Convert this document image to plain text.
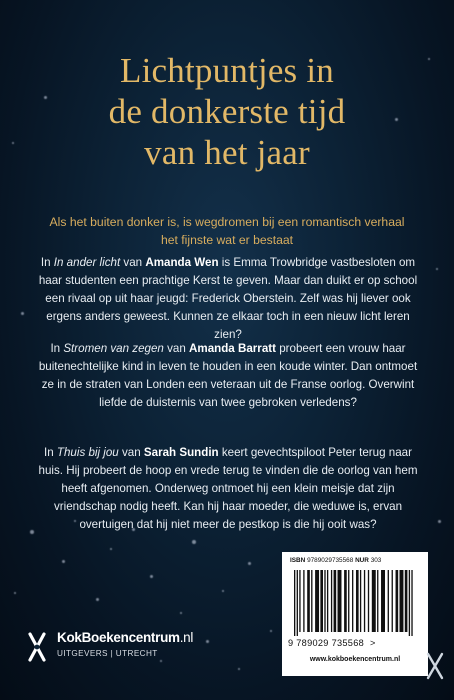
Lichtpuntjes in
de donkerste tijd
van het jaar

Als het buiten donker is, is wegdromen bij een romantisch verhaal het fijnste wat er bestaat

In In ander licht van Amanda Wen is Emma Trowbridge vastbesloten om haar studenten een prachtige Kerst te geven. Maar dan duikt er op school een rivaal op uit haar jeugd: Frederick Oberstein. Zelf was hij liever ook ergens anders geweest. Kunnen ze elkaar toch in een nieuw licht leren zien?

In Stromen van zegen van Amanda Barratt probeert een vrouw haar buitenechtelijke kind in leven te houden in een koude winter. Dan ontmoet ze in de straten van Londen een veteraan uit de Franse oorlog. Overwint liefde de duisternis van twee gebroken verledens?

In Thuis bij jou van Sarah Sundin keert gevechtspiloot Peter terug naar huis. Hij probeert de hoop en vrede terug te vinden die de oorlog van hem heeft afgenomen. Onderweg ontmoet hij een klein meisje dat zijn vriendschap nodig heeft. Kan hij haar moeder, die weduwe is, ervan overtuigen dat hij niet meer de pestkop is die hij ooit was?

KokBoekencentrum.nl
UITGEVERS | UTRECHT
ISBN 9789029735568 NUR 303
9 789029 735568 >
www.kokboekencentrum.nl
